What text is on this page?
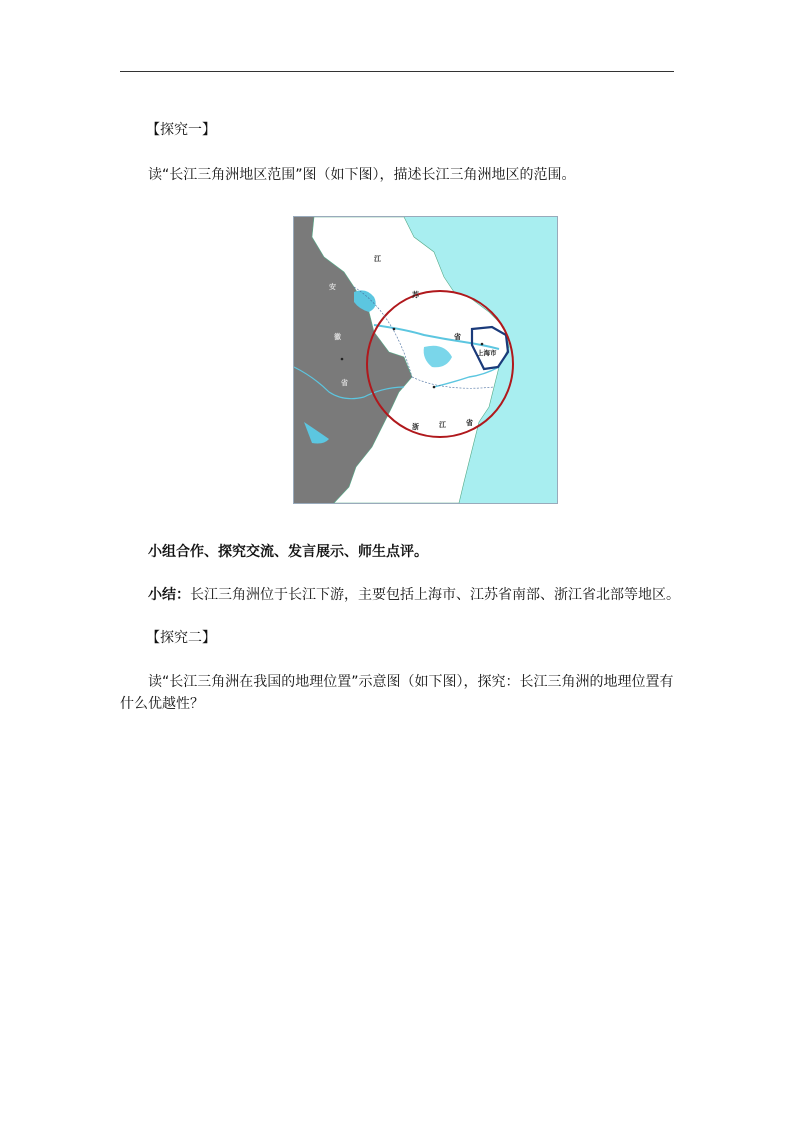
【探究一】
读“长江三角洲地区范围”图（如下图），描述长江三角洲地区的范围。
江
苏
省
安
徽
省
浙	江	省
上海市
小组合作、探究交流、发言展示、师生点评。
小结：长江三角洲位于长江下游，主要包括上海市、江苏省南部、浙江省北部等地区。
【探究二】
读“长江三角洲在我国的地理位置”示意图（如下图），探究：长江三角洲的地理位置有什么优越性？
